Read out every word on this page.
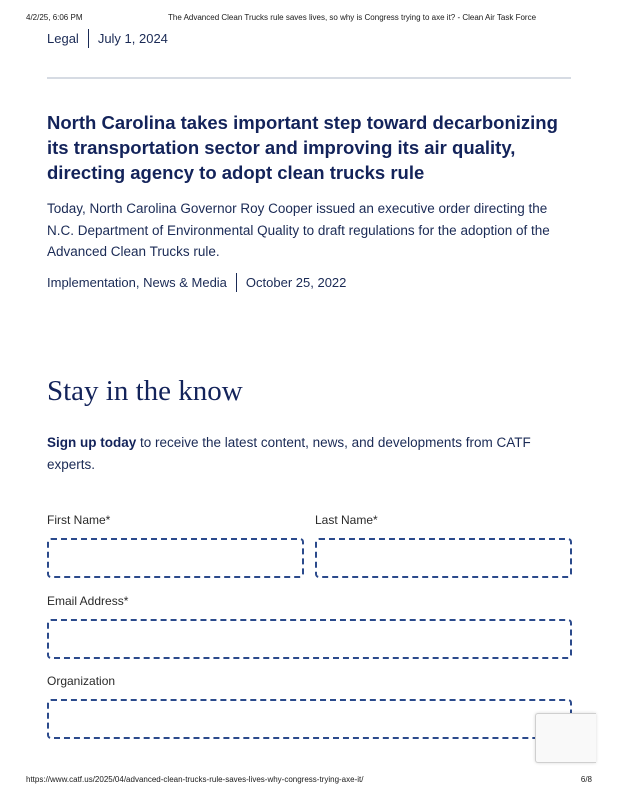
4/2/25, 6:06 PM	The Advanced Clean Trucks rule saves lives, so why is Congress trying to axe it? - Clean Air Task Force
Legal July 1, 2024
North Carolina takes important step toward decarbonizing its transportation sector and improving its air quality, directing agency to adopt clean trucks rule

Today, North Carolina Governor Roy Cooper issued an executive order directing the N.C. Department of Environmental Quality to draft regulations for the adoption of the Advanced Clean Trucks rule.

Implementation, News & Media October 25, 2022
Stay in the know

Sign up today to receive the latest content, news, and developments from CATF experts.

First Name*	Last Name*
Email Address*
Organization
https://www.catf.us/2025/04/advanced-clean-trucks-rule-saves-lives-why-congress-trying-axe-it/	6/8
